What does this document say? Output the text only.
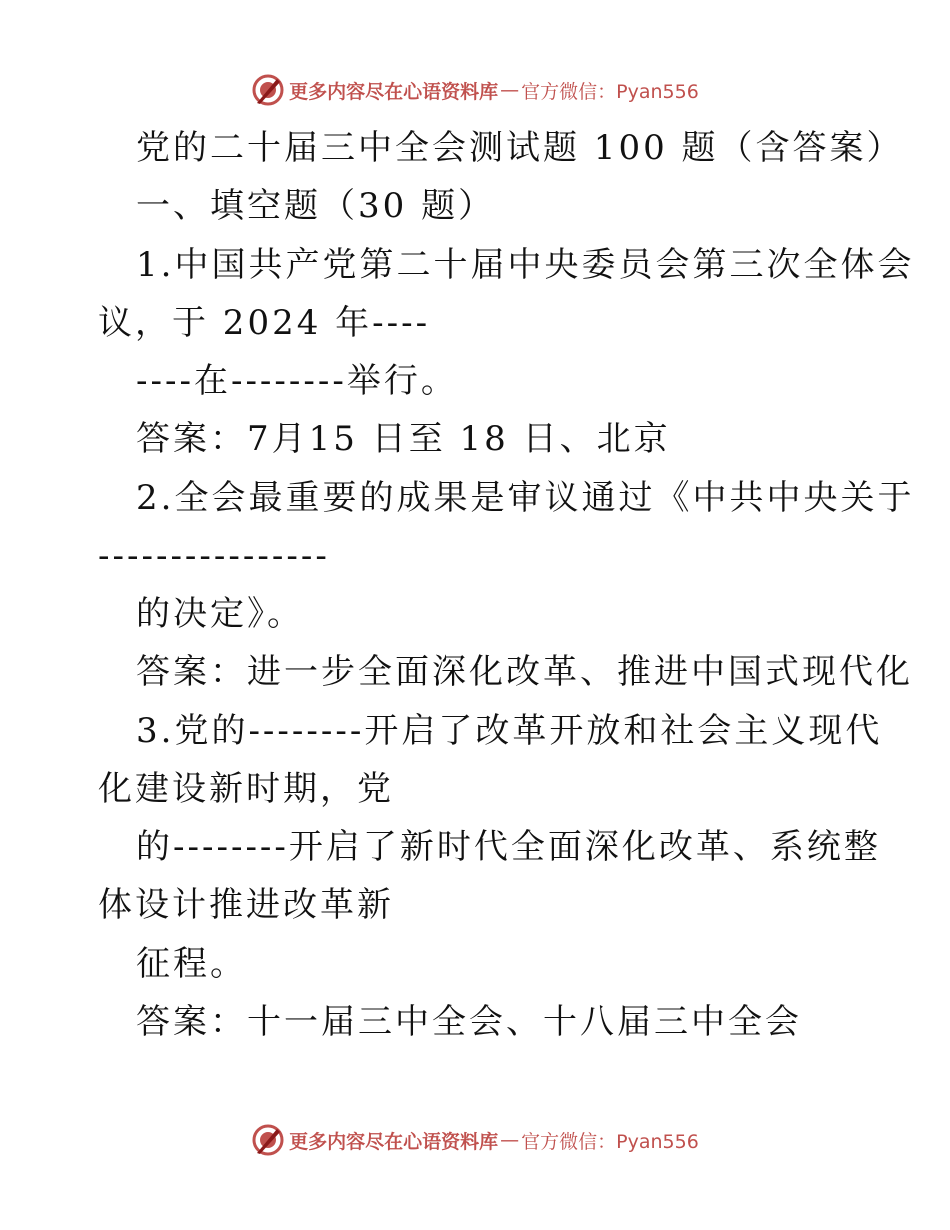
更多内容尽在心语资料库 — 官方微信：Pyan556
党的二十届三中全会测试题 100 题（含答案）
一、填空题（30 题）
1.中国共产党第二十届中央委员会第三次全体会
议，于 2024 年----
----在--------举行。
答案：7月15 日至 18 日、北京
2.全会最重要的成果是审议通过《中共中央关于
----------------
的决定》。
答案：进一步全面深化改革、推进中国式现代化
3.党的--------开启了改革开放和社会主义现代
化建设新时期，党
的--------开启了新时代全面深化改革、系统整
体设计推进改革新
征程。
答案：十一届三中全会、十八届三中全会
更多内容尽在心语资料库 — 官方微信：Pyan556
